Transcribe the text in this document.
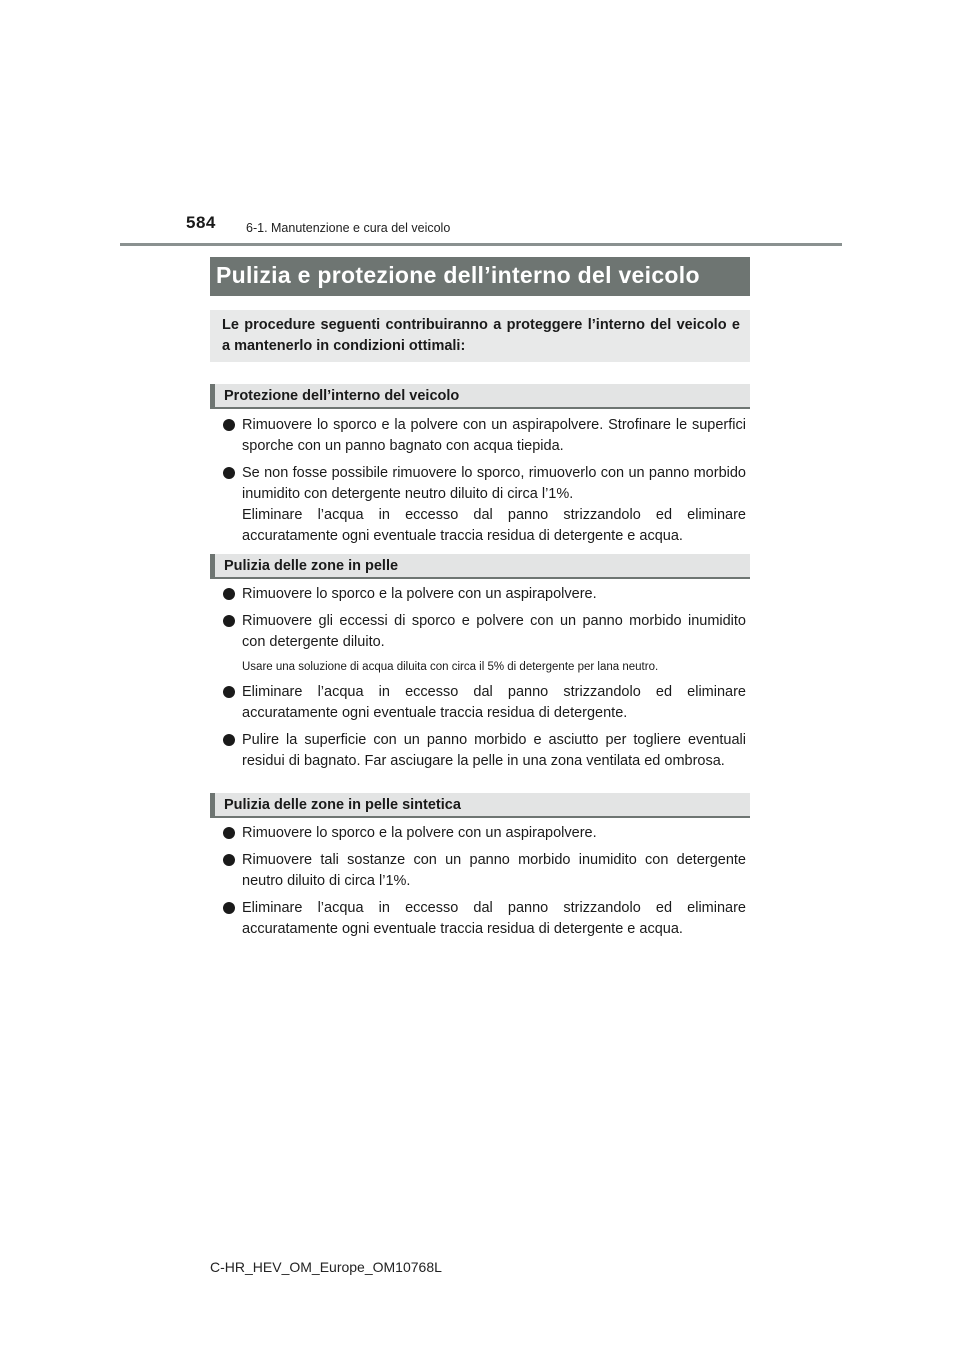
584 6-1. Manutenzione e cura del veicolo
Pulizia e protezione dell’interno del veicolo
Le procedure seguenti contribuiranno a proteggere l’interno del veicolo e a mantenerlo in condizioni ottimali:
Protezione dell’interno del veicolo
Rimuovere lo sporco e la polvere con un aspirapolvere. Strofinare le superfici sporche con un panno bagnato con acqua tiepida.
Se non fosse possibile rimuovere lo sporco, rimuoverlo con un panno morbido inumidito con detergente neutro diluito di circa l’1%.
Eliminare l’acqua in eccesso dal panno strizzandolo ed eliminare accuratamente ogni eventuale traccia residua di detergente e acqua.
Pulizia delle zone in pelle
Rimuovere lo sporco e la polvere con un aspirapolvere.
Rimuovere gli eccessi di sporco e polvere con un panno morbido inumidito con detergente diluito.
Usare una soluzione di acqua diluita con circa il 5% di detergente per lana neutro.
Eliminare l’acqua in eccesso dal panno strizzandolo ed eliminare accuratamente ogni eventuale traccia residua di detergente.
Pulire la superficie con un panno morbido e asciutto per togliere eventuali residui di bagnato. Far asciugare la pelle in una zona ventilata ed ombrosa.
Pulizia delle zone in pelle sintetica
Rimuovere lo sporco e la polvere con un aspirapolvere.
Rimuovere tali sostanze con un panno morbido inumidito con detergente neutro diluito di circa l’1%.
Eliminare l’acqua in eccesso dal panno strizzandolo ed eliminare accuratamente ogni eventuale traccia residua di detergente e acqua.
C-HR_HEV_OM_Europe_OM10768L
